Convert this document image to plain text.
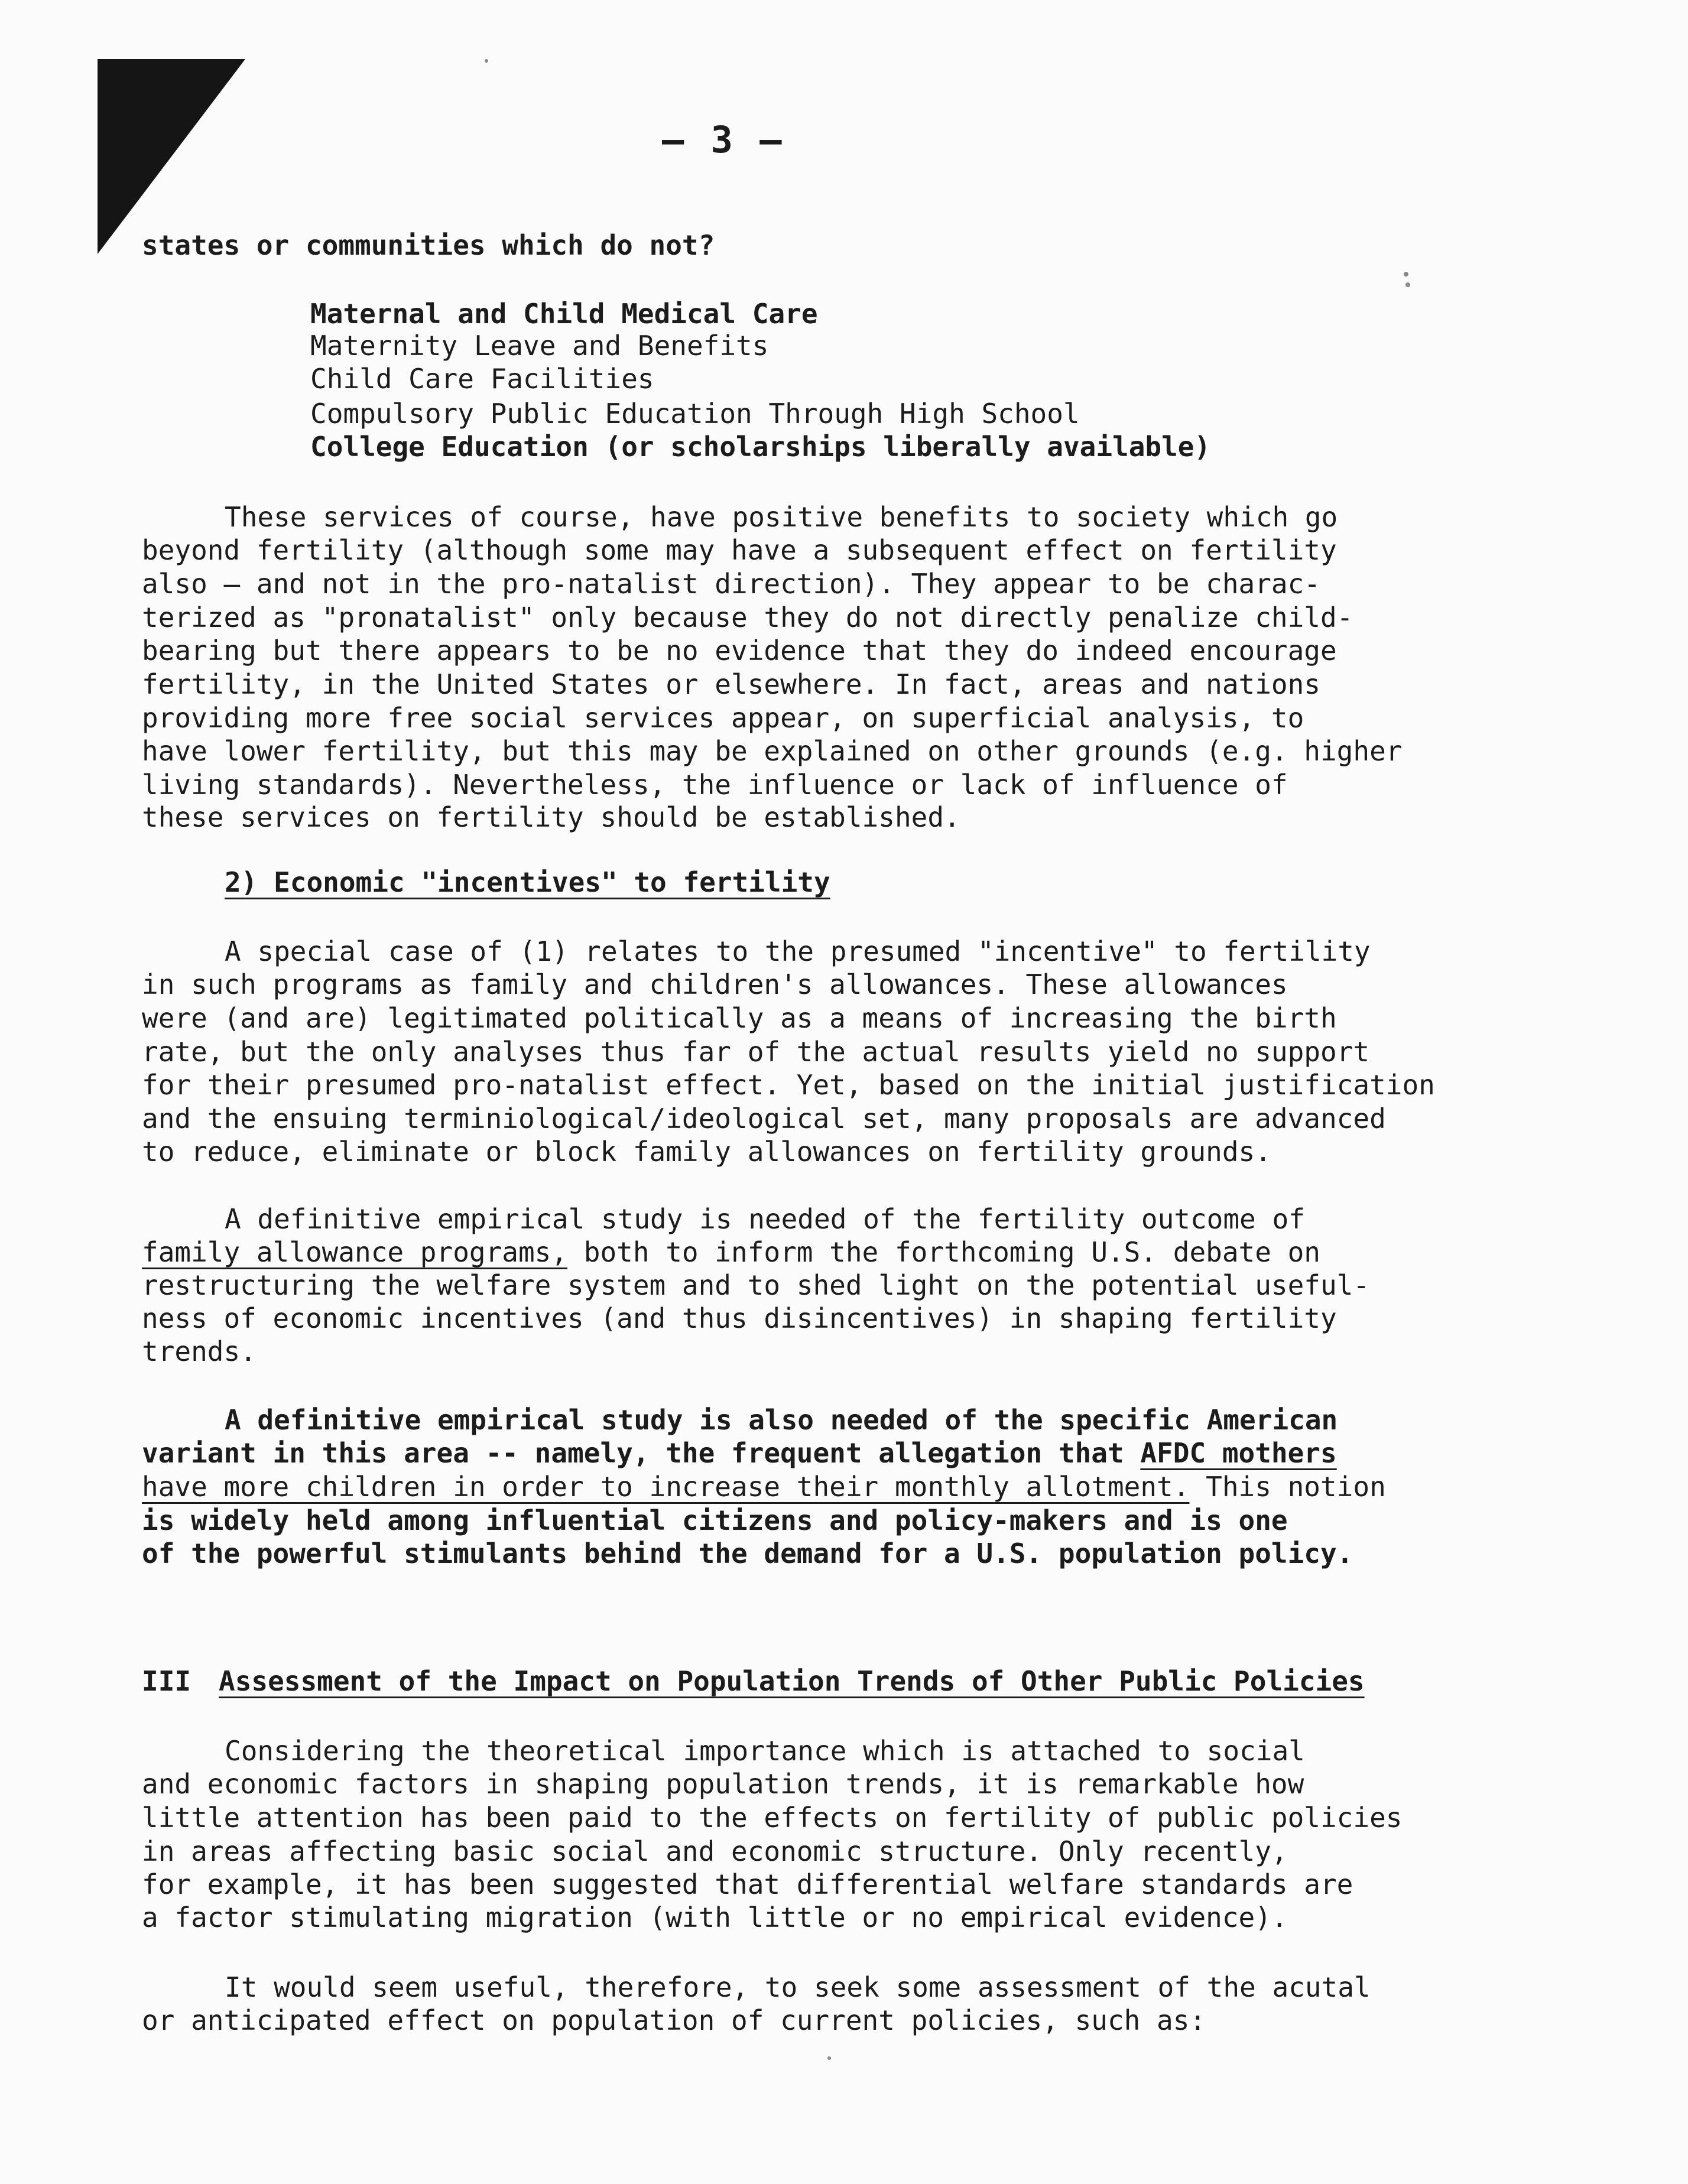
— 3 —
states or communities which do not?
Maternal and Child Medical Care
Maternity Leave and Benefits
Child Care Facilities
Compulsory Public Education Through High School
College Education (or scholarships liberally available)
These services of course, have positive benefits to society which go
beyond fertility (although some may have a subsequent effect on fertility
also — and not in the pro-natalist direction). They appear to be charac-
terized as "pronatalist" only because they do not directly penalize child-
bearing but there appears to be no evidence that they do indeed encourage
fertility, in the United States or elsewhere. In fact, areas and nations
providing more free social services appear, on superficial analysis, to
have lower fertility, but this may be explained on other grounds (e.g. higher
living standards). Nevertheless, the influence or lack of influence of
these services on fertility should be established.
2) Economic "incentives" to fertility
A special case of (1) relates to the presumed "incentive" to fertility
in such programs as family and children's allowances. These allowances
were (and are) legitimated politically as a means of increasing the birth
rate, but the only analyses thus far of the actual results yield no support
for their presumed pro-natalist effect. Yet, based on the initial justification
and the ensuing terminiological/ideological set, many proposals are advanced
to reduce, eliminate or block family allowances on fertility grounds.
A definitive empirical study is needed of the fertility outcome of
family allowance programs, both to inform the forthcoming U.S. debate on
restructuring the welfare system and to shed light on the potential useful-
ness of economic incentives (and thus disincentives) in shaping fertility
trends.
A definitive empirical study is also needed of the specific American
variant in this area -- namely, the frequent allegation that AFDC mothers
have more children in order to increase their monthly allotment. This notion
is widely held among influential citizens and policy-makers and is one
of the powerful stimulants behind the demand for a U.S. population policy.
III Assessment of the Impact on Population Trends of Other Public Policies
Considering the theoretical importance which is attached to social
and economic factors in shaping population trends, it is remarkable how
little attention has been paid to the effects on fertility of public policies
in areas affecting basic social and economic structure. Only recently,
for example, it has been suggested that differential welfare standards are
a factor stimulating migration (with little or no empirical evidence).
It would seem useful, therefore, to seek some assessment of the acutal
or anticipated effect on population of current policies, such as:
